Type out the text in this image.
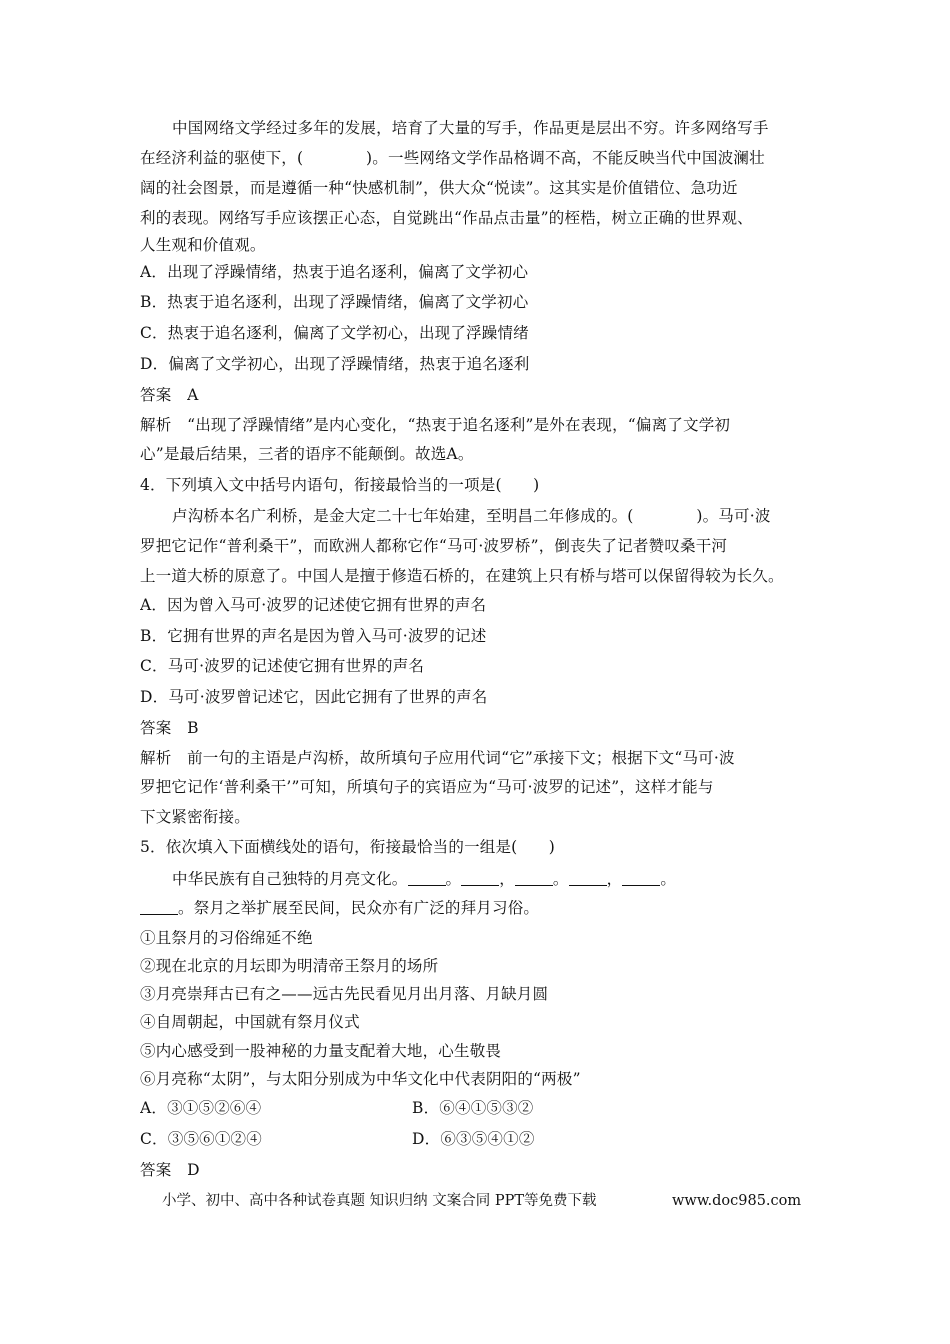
中国网络文学经过多年的发展，培育了大量的写手，作品更是层出不穷。许多网络写手
在经济利益的驱使下，(　　　　)。一些网络文学作品格调不高，不能反映当代中国波澜壮
阔的社会图景，而是遵循一种“快感机制”，供大众“悦读”。这其实是价值错位、急功近
利的表现。网络写手应该摆正心态，自觉跳出“作品点击量”的桎梏，树立正确的世界观、
人生观和价值观。
A．出现了浮躁情绪，热衷于追名逐利，偏离了文学初心
B．热衷于追名逐利，出现了浮躁情绪，偏离了文学初心
C．热衷于追名逐利，偏离了文学初心，出现了浮躁情绪
D．偏离了文学初心，出现了浮躁情绪，热衷于追名逐利
答案　A
解析　“出现了浮躁情绪”是内心变化，“热衷于追名逐利”是外在表现，“偏离了文学初
心”是最后结果，三者的语序不能颠倒。故选A。
4．下列填入文中括号内语句，衔接最恰当的一项是(　　)
卢沟桥本名广利桥，是金大定二十七年始建，至明昌二年修成的。(　　　　)。马可·波
罗把它记作“普利桑干”，而欧洲人都称它作“马可·波罗桥”，倒丧失了记者赞叹桑干河
上一道大桥的原意了。中国人是擅于修造石桥的，在建筑上只有桥与塔可以保留得较为长久。
A．因为曾入马可·波罗的记述使它拥有世界的声名
B．它拥有世界的声名是因为曾入马可·波罗的记述
C．马可·波罗的记述使它拥有世界的声名
D．马可·波罗曾记述它，因此它拥有了世界的声名
答案　B
解析　前一句的主语是卢沟桥，故所填句子应用代词“它”承接下文；根据下文“马可·波
罗把它记作‘普利桑干’”可知，所填句子的宾语应为“马可·波罗的记述”，这样才能与
下文紧密衔接。
5．依次填入下面横线处的语句，衔接最恰当的一组是(　　)
中华民族有自己独特的月亮文化。 。 ， 。 ， 。
。祭月之举扩展至民间，民众亦有广泛的拜月习俗。
①且祭月的习俗绵延不绝
②现在北京的月坛即为明清帝王祭月的场所
③月亮崇拜古已有之——远古先民看见月出月落、月缺月圆
④自周朝起，中国就有祭月仪式
⑤内心感受到一股神秘的力量支配着大地，心生敬畏
⑥月亮称“太阴”，与太阳分别成为中华文化中代表阴阳的“两极”
A．③①⑤②⑥④	B．⑥④①⑤③②
C．③⑤⑥①②④	D．⑥③⑤④①②
答案　D
小学、初中、高中各种试卷真题 知识归纳 文案合同 PPT等免费下载	www.doc985.com
